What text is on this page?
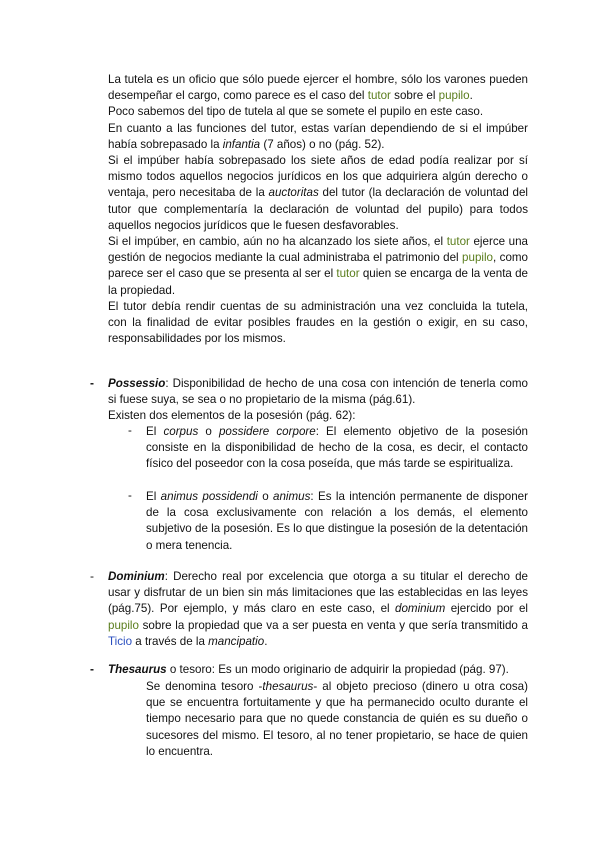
La tutela es un oficio que sólo puede ejercer el hombre, sólo los varones pueden desempeñar el cargo, como parece es el caso del tutor sobre el pupilo.

Poco sabemos del tipo de tutela al que se somete el pupilo en este caso.

En cuanto a las funciones del tutor, estas varían dependiendo de si el impúber había sobrepasado la infantia (7 años) o no (pág. 52).

Si el impúber había sobrepasado los siete años de edad podía realizar por sí mismo todos aquellos negocios jurídicos en los que adquiriera algún derecho o ventaja, pero necesitaba de la auctoritas del tutor (la declaración de voluntad del tutor que complementaría la declaración de voluntad del pupilo) para todos aquellos negocios jurídicos que le fuesen desfavorables.

Si el impúber, en cambio, aún no ha alcanzado los siete años, el tutor ejerce una gestión de negocios mediante la cual administraba el patrimonio del pupilo, como parece ser el caso que se presenta al ser el tutor quien se encarga de la venta de la propiedad.

El tutor debía rendir cuentas de su administración una vez concluida la tutela, con la finalidad de evitar posibles fraudes en la gestión o exigir, en su caso, responsabilidades por los mismos.

- Possessio: Disponibilidad de hecho de una cosa con intención de tenerla como si fuese suya, se sea o no propietario de la misma (pág.61).

Existen dos elementos de la posesión (pág. 62):

- El corpus o possidere corpore: El elemento objetivo de la posesión consiste en la disponibilidad de hecho de la cosa, es decir, el contacto físico del poseedor con la cosa poseída, que más tarde se espiritualiza.

- El animus possidendi o animus: Es la intención permanente de disponer de la cosa exclusivamente con relación a los demás, el elemento subjetivo de la posesión. Es lo que distingue la posesión de la detentación o mera tenencia.

- Dominium: Derecho real por excelencia que otorga a su titular el derecho de usar y disfrutar de un bien sin más limitaciones que las establecidas en las leyes (pág.75). Por ejemplo, y más claro en este caso, el dominium ejercido por el pupilo sobre la propiedad que va a ser puesta en venta y que sería transmitido a Ticio a través de la mancipatio.

- Thesaurus o tesoro: Es un modo originario de adquirir la propiedad (pág. 97).

Se denomina tesoro -thesaurus- al objeto precioso (dinero u otra cosa) que se encuentra fortuitamente y que ha permanecido oculto durante el tiempo necesario para que no quede constancia de quién es su dueño o sucesores del mismo. El tesoro, al no tener propietario, se hace de quien lo encuentra.
